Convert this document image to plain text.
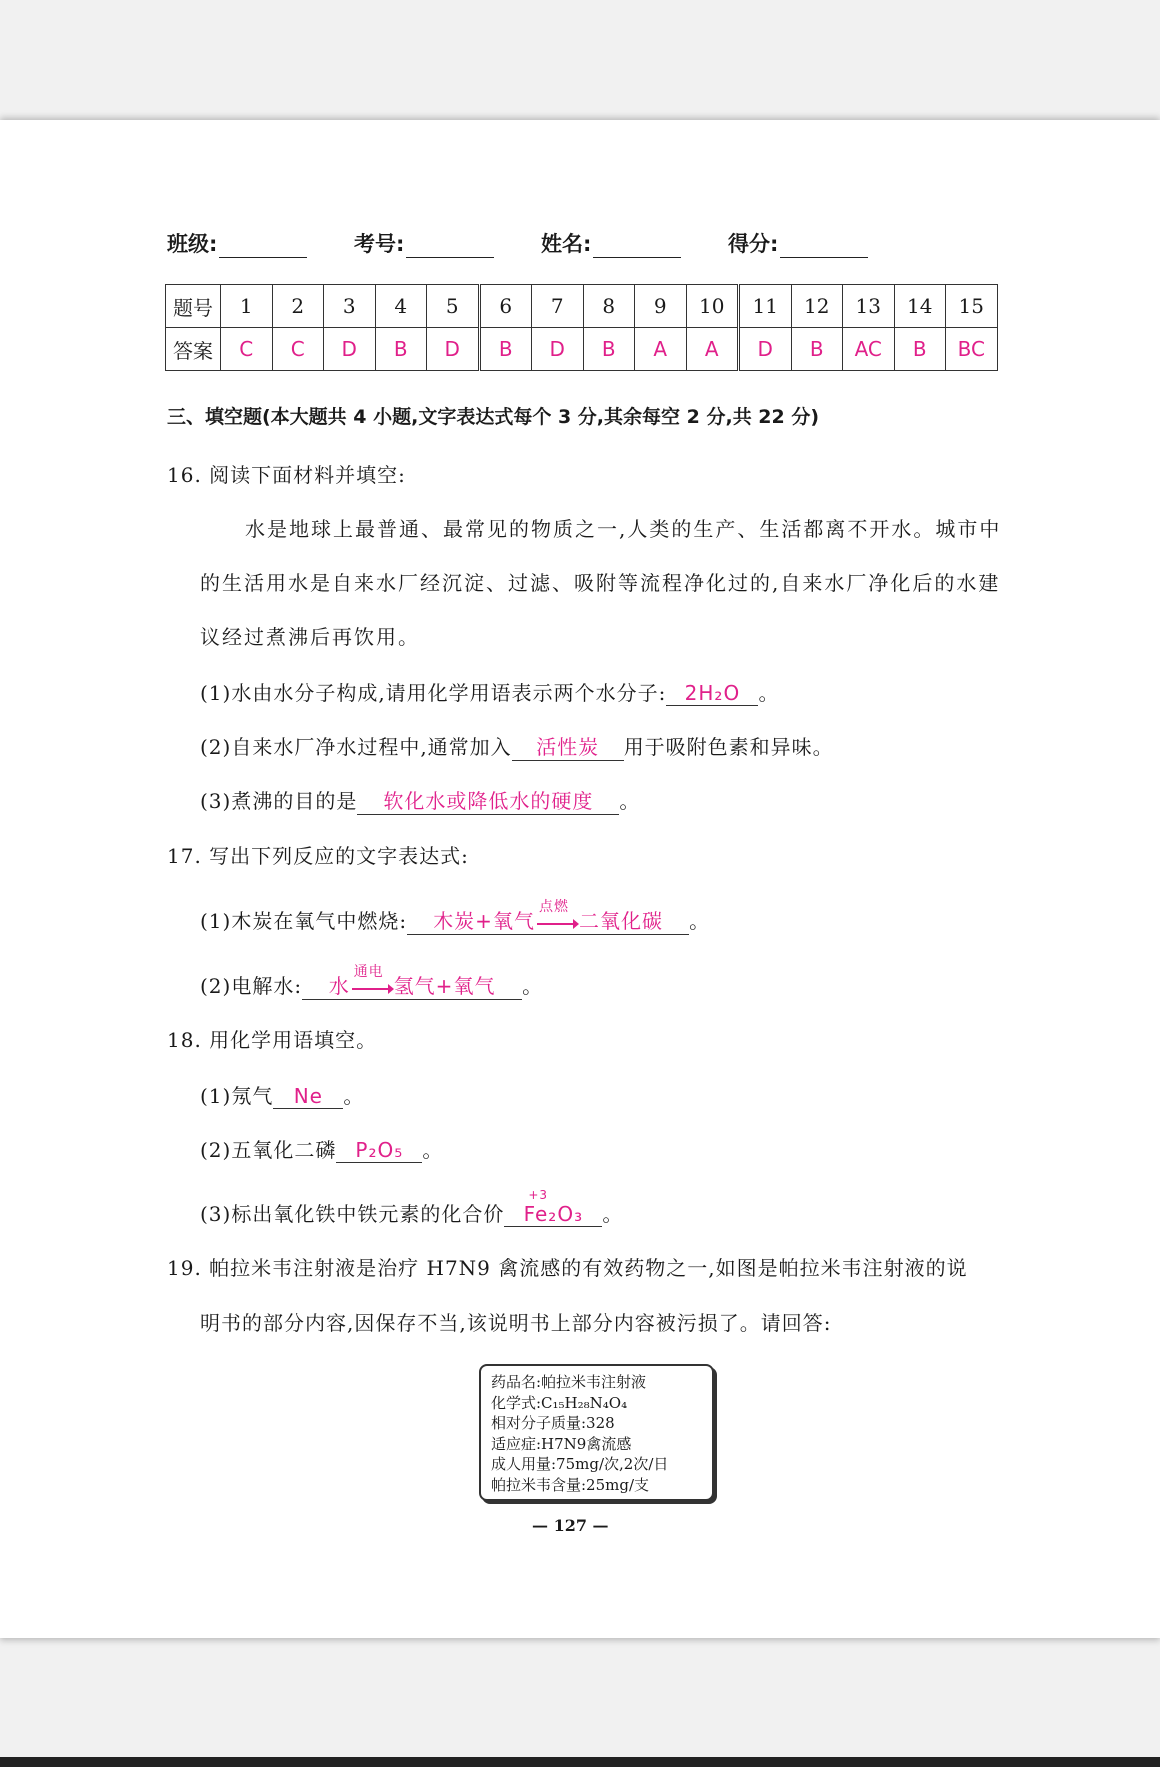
班级:	考号:	姓名:	得分:
题号	1	2	3	4	5	6	7	8	9	10	11	12	13	14	15
答案	C	C	D	B	D	B	D	B	A	A	D	B	AC	B	BC
三、填空题(本大题共 4 小题,文字表达式每个 3 分,其余每空 2 分,共 22 分)
16. 阅读下面材料并填空:
水是地球上最普通、最常见的物质之一,人类的生产、生活都离不开水。城市中
的生活用水是自来水厂经沉淀、过滤、吸附等流程净化过的,自来水厂净化后的水建
议经过煮沸后再饮用。
(1)水由水分子构成,请用化学用语表示两个水分子: 2H₂O 。
(2)自来水厂净水过程中,通常加入 活性炭 用于吸附色素和异味。
(3)煮沸的目的是 软化水或降低水的硬度 。
17. 写出下列反应的文字表达式:
(1)木炭在氧气中燃烧: 木炭+氧气
点燃
二氧化碳 。
(2)电解水: 水
通电
氢气+氧气 。
18. 用化学用语填空。
(1)氖气 Ne 。
(2)五氧化二磷 P₂O₅ 。
(3)标出氧化铁中铁元素的化合价
+3
Fe₂O₃ 。
19. 帕拉米韦注射液是治疗 H7N9 禽流感的有效药物之一,如图是帕拉米韦注射液的说
明书的部分内容,因保存不当,该说明书上部分内容被污损了。请回答:
药品名:帕拉米韦注射液
化学式:C₁₅H₂₈N₄O₄
相对分子质量:328
适应症:H7N9禽流感
成人用量:75mg/次,2次/日
帕拉米韦含量:25mg/支
— 127 —
